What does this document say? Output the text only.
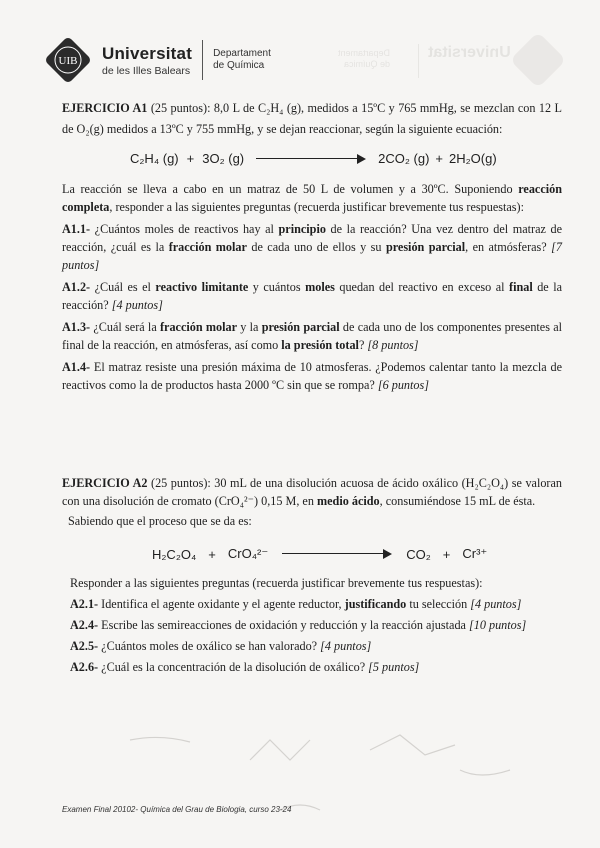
Departament
de Química
Universitat
UIB Universitat
de les Illes Balears
Departament
de Química

EJERCICIO A1 (25 puntos): 8,0 L de C₂H₄ (g), medidos a 15ºC y 765 mmHg, se mezclan con 12 L de O₂(g) medidos a 13ºC y 755 mmHg, y se dejan reaccionar, según la siguiente ecuación:

C₂H₄ (g) + 3O₂ (g)	2CO₂ (g) + 2H₂O(g)

La reacción se lleva a cabo en un matraz de 50 L de volumen y a 30ºC. Suponiendo reacción completa, responder a las siguientes preguntas (recuerda justificar brevemente tus respuestas):

A1.1- ¿Cuántos moles de reactivos hay al principio de la reacción? Una vez dentro del matraz de reacción, ¿cuál es la fracción molar de cada uno de ellos y su presión parcial, en atmósferas? [7 puntos]

A1.2- ¿Cuál es el reactivo limitante y cuántos moles quedan del reactivo en exceso al final de la reacción? [4 puntos]

A1.3- ¿Cuál será la fracción molar y la presión parcial de cada uno de los componentes presentes al final de la reacción, en atmósferas, así como la presión total? [8 puntos]

A1.4- El matraz resiste una presión máxima de 10 atmosferas. ¿Podemos calentar tanto la mezcla de reactivos como la de productos hasta 2000 ºC sin que se rompa? [6 puntos]

EJERCICIO A2 (25 puntos): 30 mL de una disolución acuosa de ácido oxálico (H₂C₂O₄) se valoran con una disolución de cromato (CrO₄²⁻) 0,15 M, en medio ácido, consumiéndose 15 mL de ésta.

Sabiendo que el proceso que se da es:

H₂C₂O₄ + CrO₄²⁻	CO₂ + Cr³⁺

Responder a las siguientes preguntas (recuerda justificar brevemente tus respuestas):

A2.1- Identifica el agente oxidante y el agente reductor, justificando tu selección [4 puntos]

A2.4- Escribe las semireacciones de oxidación y reducción y la reacción ajustada [10 puntos]

A2.5- ¿Cuántos moles de oxálico se han valorado? [4 puntos]

A2.6- ¿Cuál es la concentración de la disolución de oxálico? [5 puntos]

Examen Final 20102- Química del Grau de Biologia, curso 23-24
